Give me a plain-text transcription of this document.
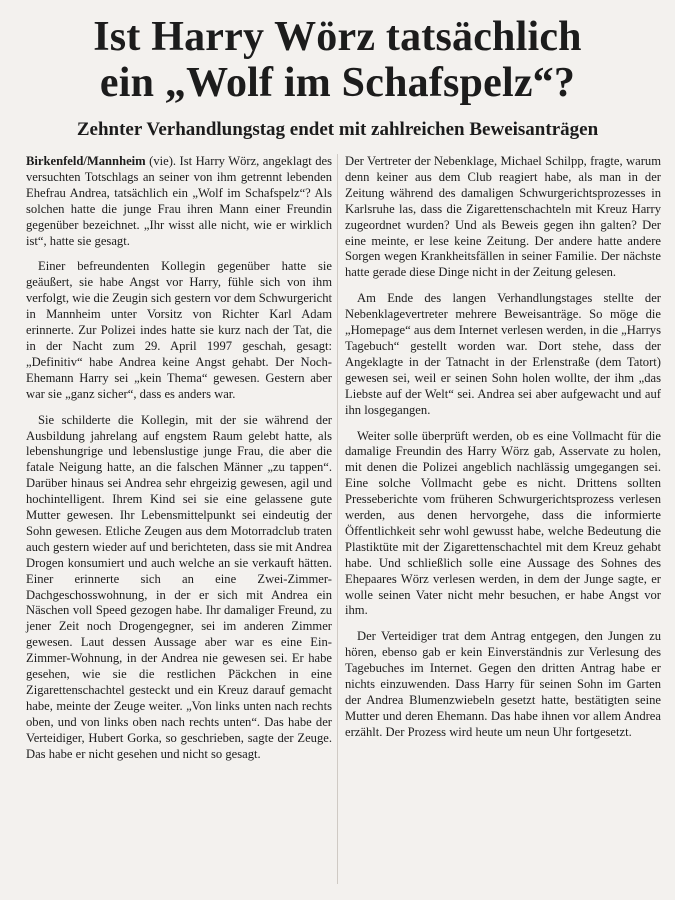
Ist Harry Wörz tatsächlich
ein „Wolf im Schafspelz“?
Zehnter Verhandlungstag endet mit zahlreichen Beweisanträgen

Birkenfeld/Mannheim (vie). Ist Harry Wörz, angeklagt des versuchten Totschlags an seiner von ihm getrennt lebenden Ehefrau Andrea, tatsächlich ein „Wolf im Schafspelz“? Als solchen hatte die junge Frau ihren Mann einer Freundin gegenüber bezeichnet. „Ihr wisst alle nicht, wie er wirklich ist“, hatte sie gesagt.

Einer befreundenten Kollegin gegenüber hatte sie geäußert, sie habe Angst vor Harry, fühle sich von ihm verfolgt, wie die Zeugin sich gestern vor dem Schwurgericht in Mannheim unter Vorsitz von Richter Karl Adam erinnerte. Zur Polizei indes hatte sie kurz nach der Tat, die in der Nacht zum 29. April 1997 geschah, gesagt: „Definitiv“ habe Andrea keine Angst gehabt. Der Noch-Ehemann Harry sei „kein Thema“ gewesen. Gestern aber war sie „ganz sicher“, dass es anders war.

Sie schilderte die Kollegin, mit der sie während der Ausbildung jahrelang auf engstem Raum gelebt hatte, als lebenshungrige und lebenslustige junge Frau, die aber die fatale Neigung hatte, an die falschen Männer „zu tappen“. Darüber hinaus sei Andrea sehr ehrgeizig gewesen, agil und hochintelligent. Ihrem Kind sei sie eine gelassene gute Mutter gewesen. Ihr Lebensmittelpunkt sei eindeutig der Sohn gewesen. Etliche Zeugen aus dem Motorradclub traten auch gestern wieder auf und berichteten, dass sie mit Andrea Drogen konsumiert und auch welche an sie verkauft hätten. Einer erinnerte sich an eine Zwei-Zimmer-Dachgeschosswohnung, in der er sich mit Andrea ein Näschen voll Speed gezogen habe. Ihr damaliger Freund, zu jener Zeit noch Drogengegner, sei im anderen Zimmer gewesen. Laut dessen Aussage aber war es eine Ein-Zimmer-Wohnung, in der Andrea nie gewesen sei. Er habe gesehen, wie sie die restlichen Päckchen in eine Zigarettenschachtel gesteckt und ein Kreuz darauf gemacht habe, meinte der Zeuge weiter. „Von links unten nach rechts oben, und von links oben nach rechts unten“. Das habe der Verteidiger, Hubert Gorka, so geschrieben, sagte der Zeuge. Das habe er nicht gesehen und nicht so gesagt.

Der Vertreter der Nebenklage, Michael Schilpp, fragte, warum denn keiner aus dem Club reagiert habe, als man in der Zeitung während des damaligen Schwurgerichtsprozesses in Karlsruhe las, dass die Zigarettenschachteln mit Kreuz Harry zugeordnet wurden? Und als Beweis gegen ihn galten? Der eine meinte, er lese keine Zeitung. Der andere hatte andere Sorgen wegen Krankheitsfällen in seiner Familie. Der nächste hatte gerade diese Dinge nicht in der Zeitung gelesen.

Am Ende des langen Verhandlungstages stellte der Nebenklagevertreter mehrere Beweisanträge. So möge die „Homepage“ aus dem Internet verlesen werden, in die „Harrys Tagebuch“ gestellt worden war. Dort stehe, dass der Angeklagte in der Tatnacht in der Erlenstraße (dem Tatort) gewesen sei, weil er seinen Sohn holen wollte, der ihm „das Liebste auf der Welt“ sei. Andrea sei aber aufgewacht und auf ihn losgegangen.

Weiter solle überprüft werden, ob es eine Vollmacht für die damalige Freundin des Harry Wörz gab, Asservate zu holen, mit denen die Polizei angeblich nachlässig umgegangen sei. Eine solche Vollmacht gebe es nicht. Drittens sollten Presseberichte vom früheren Schwurgerichtsprozess verlesen werden, aus denen hervorgehe, dass die informierte Öffentlichkeit sehr wohl gewusst habe, welche Bedeutung die Plastiktüte mit der Zigarettenschachtel mit dem Kreuz gehabt habe. Und schließlich solle eine Aussage des Sohnes des Ehepaares Wörz verlesen werden, in dem der Junge sagte, er wolle seinen Vater nicht mehr besuchen, er habe Angst vor ihm.

Der Verteidiger trat dem Antrag entgegen, den Jungen zu hören, ebenso gab er kein Einverständnis zur Verlesung des Tagebuches im Internet. Gegen den dritten Antrag habe er nichts einzuwenden. Dass Harry für seinen Sohn im Garten der Andrea Blumenzwiebeln gesetzt hatte, bestätigten seine Mutter und deren Ehemann. Das habe ihnen vor allem Andrea erzählt. Der Prozess wird heute um neun Uhr fortgesetzt.
